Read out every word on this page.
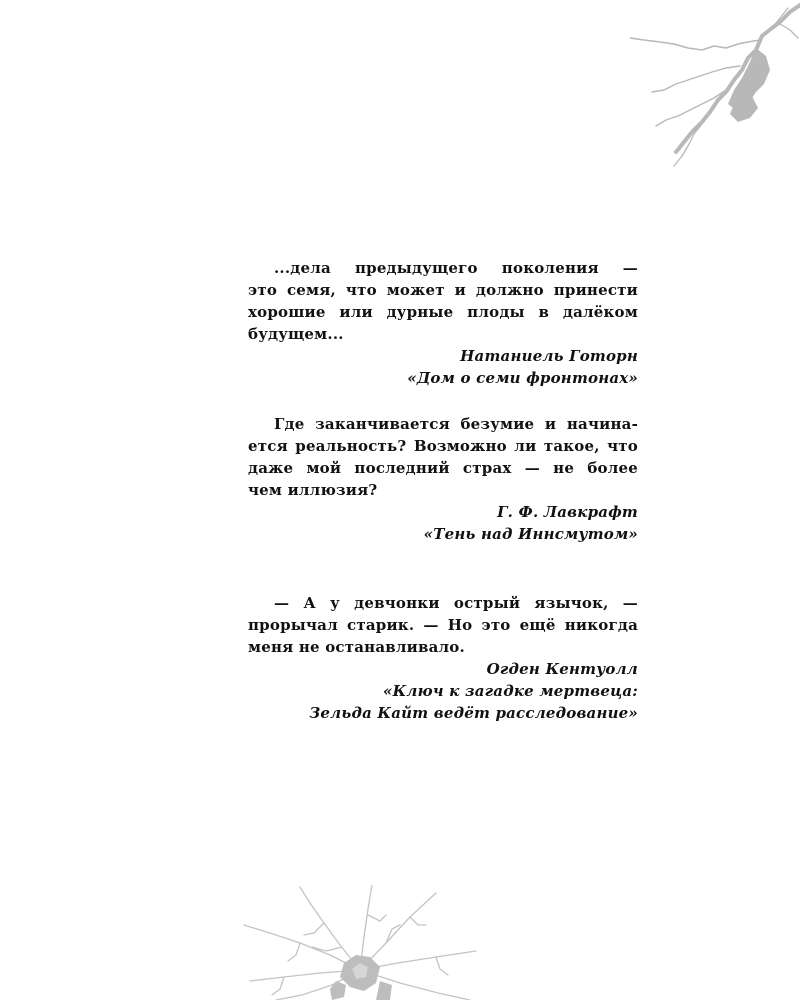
...дела предыдущего поколения —
это семя, что может и должно принести
хорошие или дурные плоды в далёком
будущем...

Натаниель Готорн

«Дом о семи фронтонах»

Где заканчивается безумие и начина-
ется реальность? Возможно ли такое, что
даже мой последний страх — не более
чем иллюзия?

Г. Ф. Лавкрафт

«Тень над Иннсмутом»

— А у девчонки острый язычок, —
прорычал старик. — Но это ещё никогда
меня не останавливало.

Огден Кентуолл

«Ключ к загадке мертвеца:

Зельда Кайт ведёт расследование»
